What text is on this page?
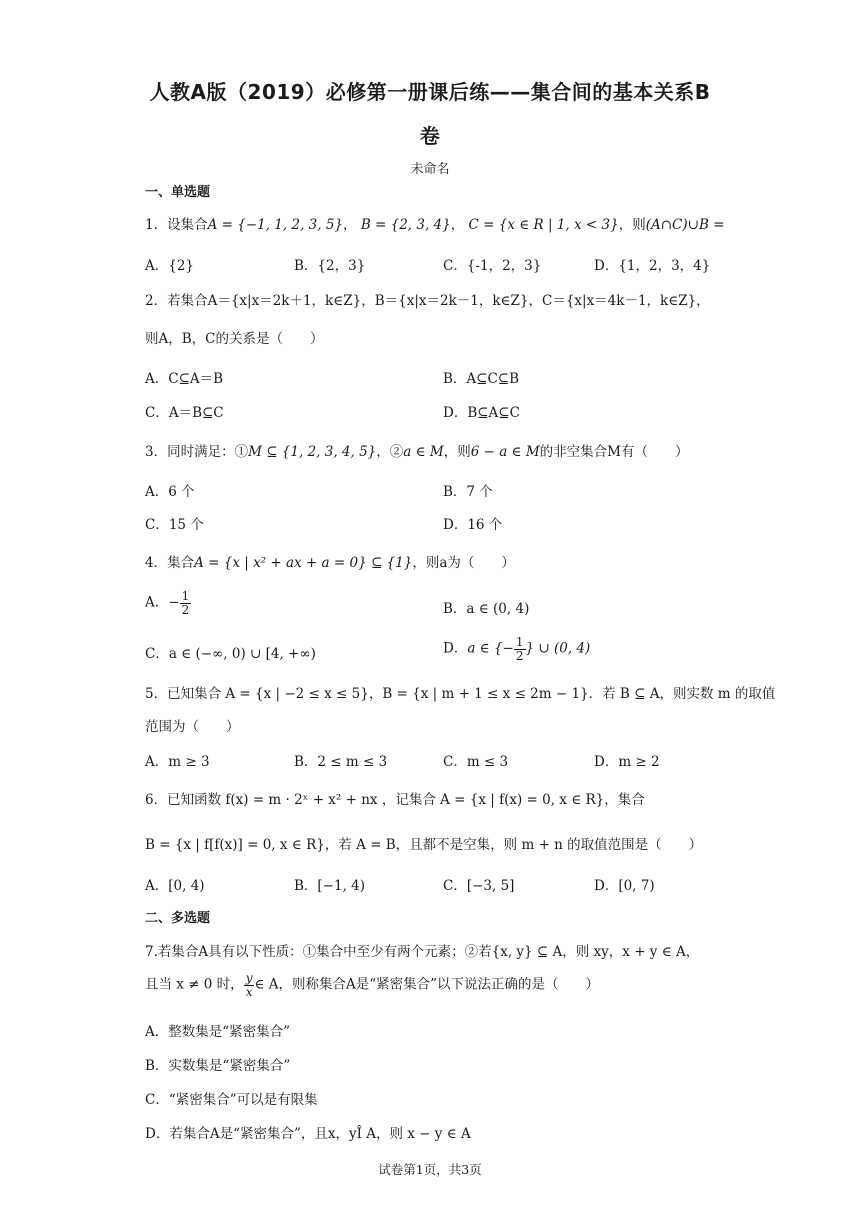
人教A版（2019）必修第一册课后练——集合间的基本关系B
卷
未命名
一、单选题
1．设集合A = {−1, 1, 2, 3, 5}， B = {2, 3, 4}， C = {x ∈ R | 1, x < 3}，则(A∩C)∪B =
A．{2}	B．{2，3}	C．{-1，2，3}	D．{1，2，3，4}
2．若集合A＝{x|x＝2k＋1，k∈Z}，B＝{x|x＝2k－1，k∈Z}，C＝{x|x＝4k－1，k∈Z}，
则A，B，C的关系是（　　）
A．C⊆A＝B	B．A⊆C⊆B
C．A＝B⊆C	D．B⊆A⊆C
3．同时满足：①M ⊆ {1, 2, 3, 4, 5}，②a ∈ M，则6 − a ∈ M的非空集合M有（　　）
A．6 个	B．7 个
C．15 个	D．16 个
4．集合A = {x | x² + ax + a = 0} ⊆ {1}，则a为（　　）
A．− $\frac{1}{2}$	B．a ∈ (0, 4)
C．a ∈ (−∞, 0) ∪ [4, +∞)	D．a ∈ {− $\frac{1}{2}$ } ∪ (0, 4)
5．已知集合 A = {x | −2 ≤ x ≤ 5}，B = {x | m + 1 ≤ x ≤ 2m − 1}．若 B ⊆ A，则实数 m 的取值
范围为（　　）
A．m ≥ 3	B．2 ≤ m ≤ 3	C．m ≤ 3	D．m ≥ 2
6．已知函数 f(x) = m · 2ˣ + x² + nx ，记集合 A = {x | f(x) = 0, x ∈ R}，集合
B = {x | f[f(x)] = 0, x ∈ R}，若 A = B，且都不是空集，则 m + n 的取值范围是（　　）
A．[0, 4)	B．[−1, 4)	C．[−3, 5]	D．[0, 7)
二、多选题
7.若集合A具有以下性质：①集合中至少有两个元素；②若{x, y} ⊆ A，则 xy，x + y ∈ A，
且当 x ≠ 0 时， $\frac{y}{x}$ ∈ A，则称集合A是“紧密集合”以下说法正确的是（　　）
A．整数集是“紧密集合”
B．实数集是“紧密集合”
C．“紧密集合”可以是有限集
D．若集合A是“紧密集合”，且x，yÎ A，则 x − y ∈ A
试卷第1页，共3页
